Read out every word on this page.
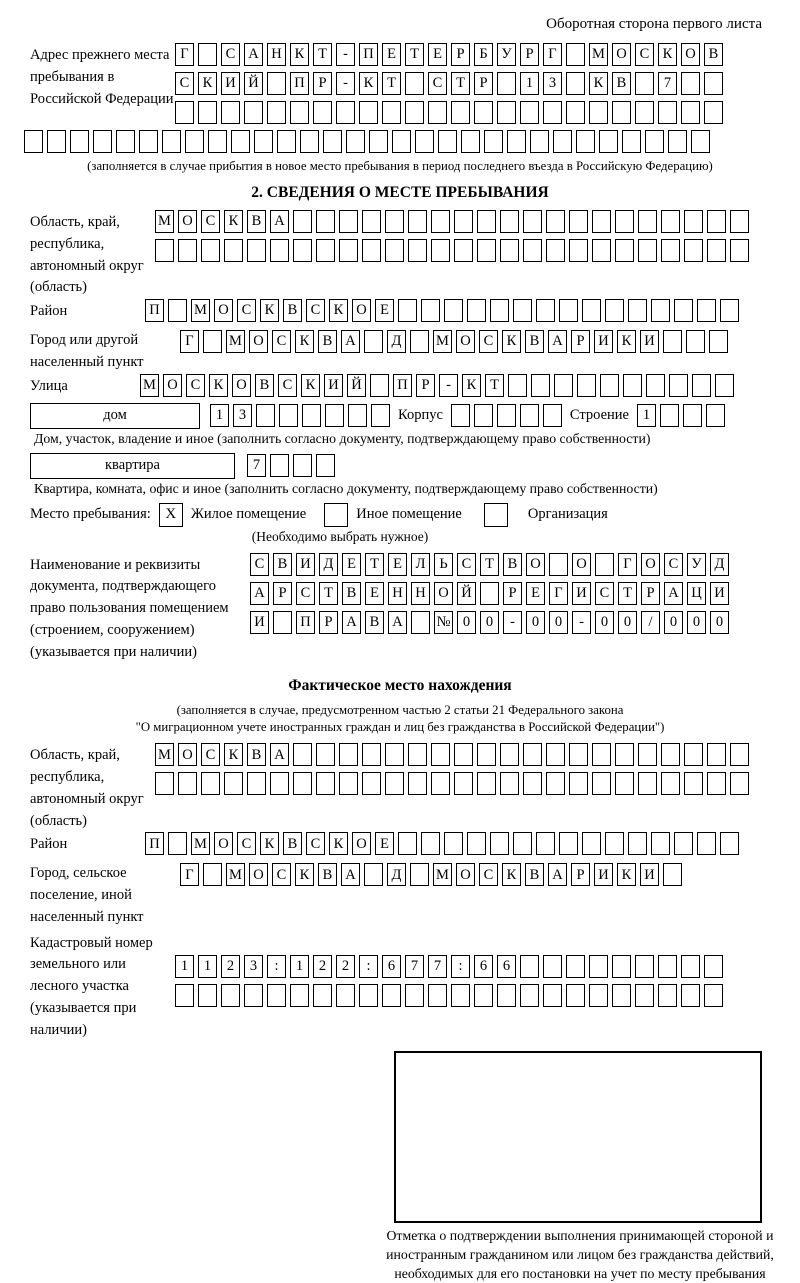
Оборотная сторона первого листа
Адрес прежнего места пребывания в Российской Федерации
Г	С А Н К Т	-	П Е Т Е	Р	Б У Р	Г	М О С К О В
С К И Й П Р	-	К Т	С Т	Р	1	3	К В	7
(заполняется в случае прибытия в новое место пребывания в период последнего въезда в Российскую Федерацию)
2. СВЕДЕНИЯ О МЕСТЕ ПРЕБЫВАНИЯ
Область, край, республика, автономный округ (область)
М О С К В А
Район	П М О С К В С К О Е
Город или другой населенный пункт
Г	М О С К В А	Д	М О С К В А Р И К И
Улица	М О С К О В С К И Й П Р	-	К Т
дом	1	3	Корпус	Строение 1
Дом, участок, владение и иное (заполнить согласно документу, подтверждающему право собственности)
квартира	7
Квартира, комната, офис и иное (заполнить согласно документу, подтверждающему право собственности)
Место пребывания: X	Жилое помещение	Иное помещение	Организация
(Необходимо выбрать нужное)
Наименование и реквизиты документа, подтверждающего право пользования помещением (строением, сооружением) (указывается при наличии)
С В И Д Е Т Е Л Ь С Т В О О	Г О С У Д
А Р С Т В Е Н Н О Й	Р	Е Г И С Т	Р А Ц И
И П Р А В А № 0	0	-	0	0	-	0	0	/	0	0	0
Фактическое место нахождения
(заполняется в случае, предусмотренном частью 2 статьи 21 Федерального закона
"О миграционном учете иностранных граждан и лиц без гражданства в Российской Федерации")
Область, край, республика, автономный округ (область)
М О С К В А
Район	П М О С К В С К О Е
Город, сельское поселение, иной населенный пункт
Г	М О С К В А	Д	М О С К В А Р И К И
Кадастровый номер земельного или лесного участка (указывается при наличии)
1	1	2	3	:	1	2	2	:	6	7	7	:	6	6
Отметка о подтверждении выполнения принимающей стороной и иностранным гражданином или лицом без гражданства действий, необходимых для его постановки на учет по месту пребывания
